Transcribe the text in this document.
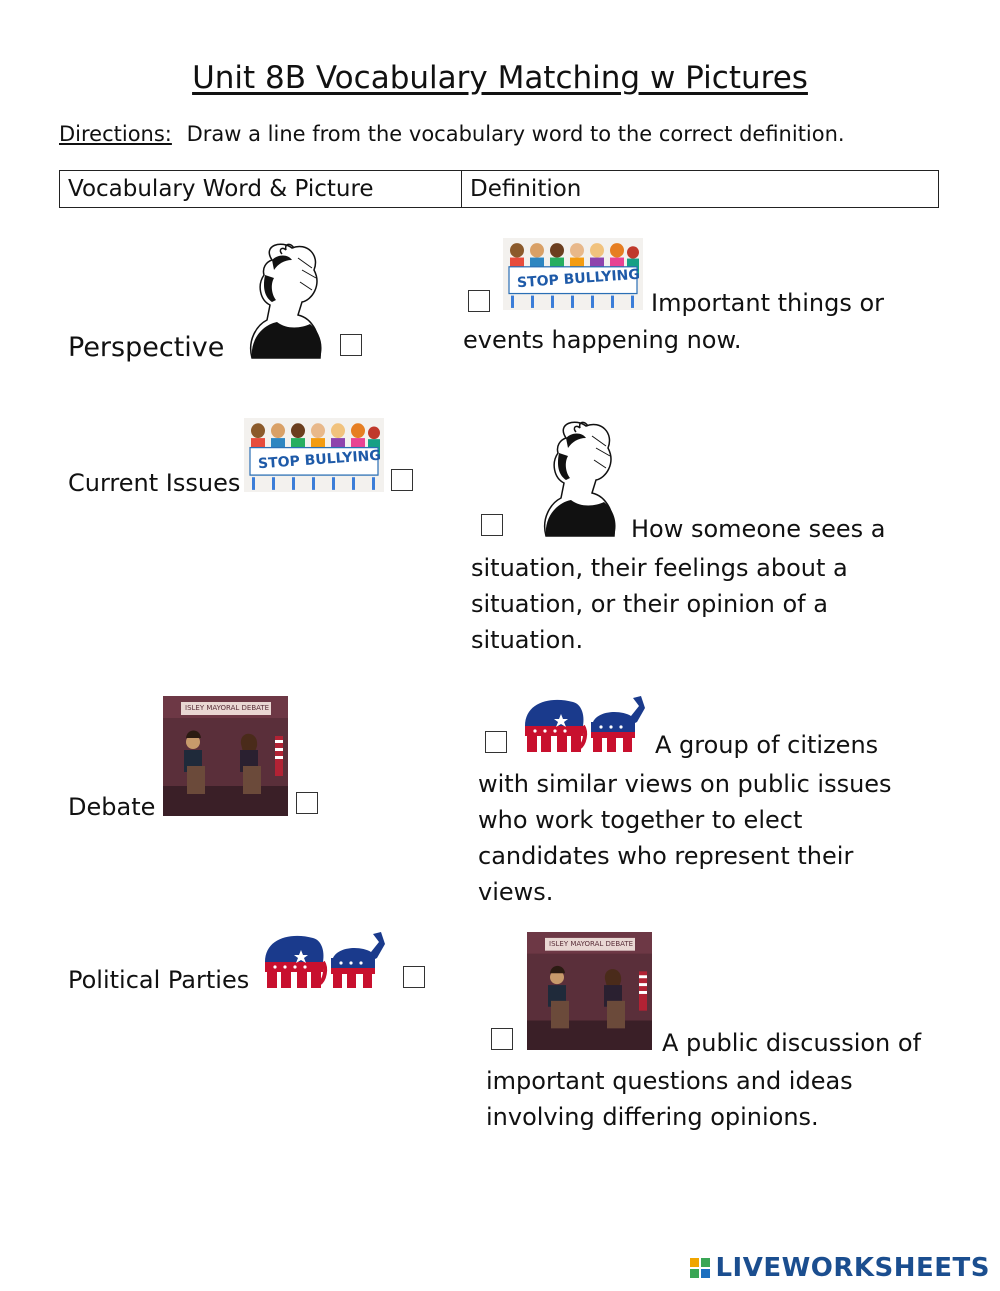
Unit 8B Vocabulary Matching w Pictures
Directions: Draw a line from the vocabulary word to the correct definition.
Vocabulary Word & Picture	Definition
Perspective
Current Issues
STOP BULLYING
Debate
ISLEY MAYORAL DEBATE
Political Parties
STOP BULLYING
Important things or
events happening now.
How someone sees a
situation, their feelings about a situation, or their opinion of a situation.
A group of citizens
with similar views on public issues who work together to elect candidates who represent their views.
ISLEY MAYORAL DEBATE
A public discussion of
important questions and ideas involving differing opinions.
LIVEWORKSHEETS
